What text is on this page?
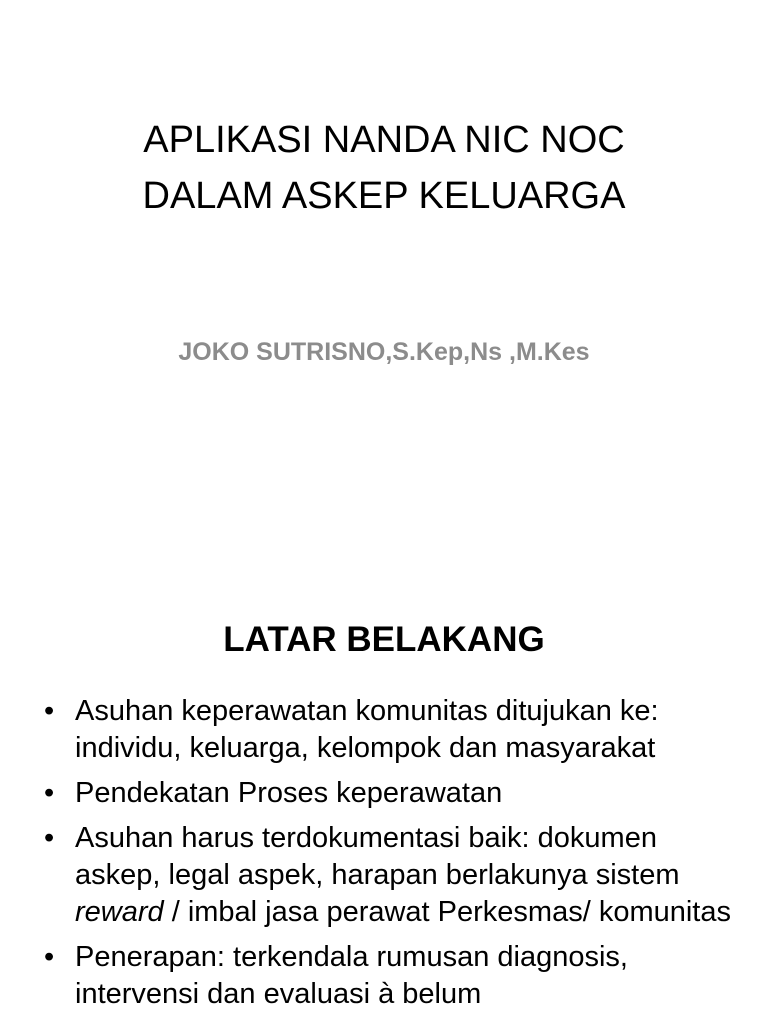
APLIKASI NANDA NIC NOC
DALAM ASKEP KELUARGA
JOKO SUTRISNO,S.Kep,Ns ,M.Kes
LATAR BELAKANG
• Asuhan keperawatan komunitas ditujukan ke: individu, keluarga, kelompok dan masyarakat
• Pendekatan Proses keperawatan
• Asuhan harus terdokumentasi baik: dokumen askep, legal aspek, harapan berlakunya sistem reward / imbal jasa perawat Perkesmas/ komunitas
• Penerapan: terkendala rumusan diagnosis, intervensi dan evaluasi à belum
